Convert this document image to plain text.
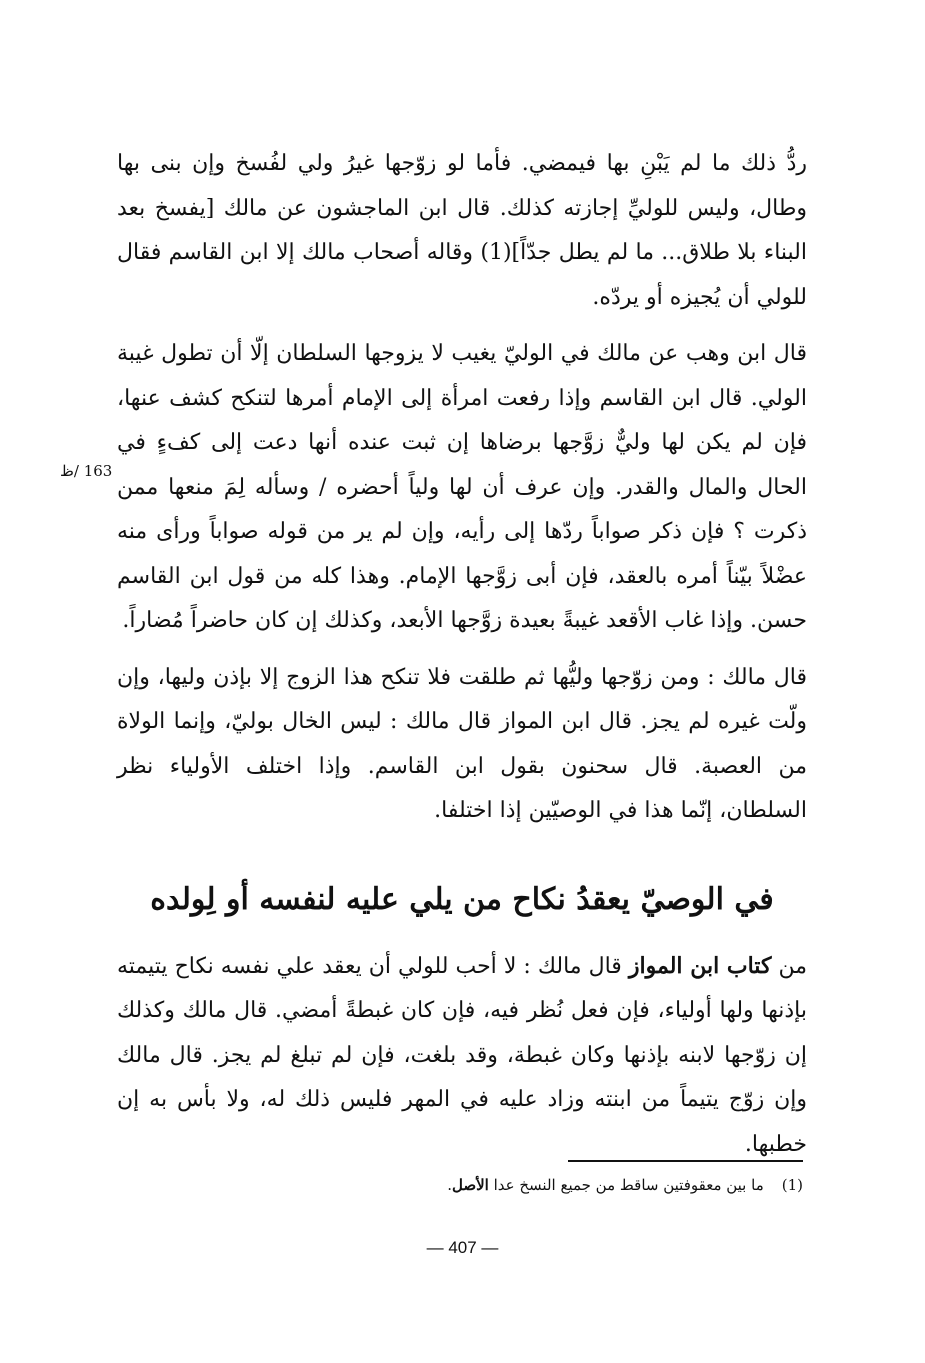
ردُّ ذلك ما لم يَبْنِ بها فيمضي. فأما لو زوّجها غيرُ ولي لفُسخ وإن بنى بها وطال، وليس للوليِّ إجازته كذلك. قال ابن الماجشون عن مالك [يفسخ بعد البناء بلا طلاق... ما لم يطل جدّاً](1) وقاله أصحاب مالك إلا ابن القاسم فقال للولي أن يُجيزه أو يردّه.

قال ابن وهب عن مالك في الوليّ يغيب لا يزوجها السلطان إلّا أن تطول غيبة الولي. قال ابن القاسم وإذا رفعت امرأة إلى الإمام أمرها لتنكح كشف عنها، فإن لم يكن لها وليٌّ زوَّجها برضاها إن ثبت عنده أنها دعت إلى كفءٍ في الحال والمال والقدر. وإن عرف أن لها ولياً أحضره / وسأله لِمَ منعها ممن ذكرت ؟ فإن ذكر صواباً ردّها إلى رأيه، وإن لم ير من قوله صواباً ورأى منه عضْلاً بيّناً أمره بالعقد، فإن أبى زوَّجها الإمام. وهذا كله من قول ابن القاسم حسن. وإذا غاب الأقعد غيبةً بعيدة زوَّجها الأبعد، وكذلك إن كان حاضراً مُضاراً.

قال مالك : ومن زوّجها وليُّها ثم طلقت فلا تنكح هذا الزوج إلا بإذن وليها، وإن ولّت غيره لم يجز. قال ابن المواز قال مالك : ليس الخال بوليّ، وإنما الولاة من العصبة. قال سحنون بقول ابن القاسم. وإذا اختلف الأولياء نظر السلطان، إنّما هذا في الوصيّين إذا اختلفا.

في الوصيّ يعقدُ نكاح من يلي عليه لنفسه أو لِولده

من كتاب ابن المواز قال مالك : لا أحب للولي أن يعقد علي نفسه نكاح يتيمته بإذنها ولها أولياء، فإن فعل نُظر فيه، فإن كان غبطةً أمضي. قال مالك وكذلك إن زوّجها لابنه بإذنها وكان غبطة، وقد بلغت، فإن لم تبلغ لم يجز. قال مالك وإن زوّج يتيماً من ابنته وزاد عليه في المهر فليس ذلك له، ولا بأس به إن خطبها.

163 /ظ
(1)ما بين معقوفتين ساقط من جميع النسخ عدا الأصل.
— 407 —
